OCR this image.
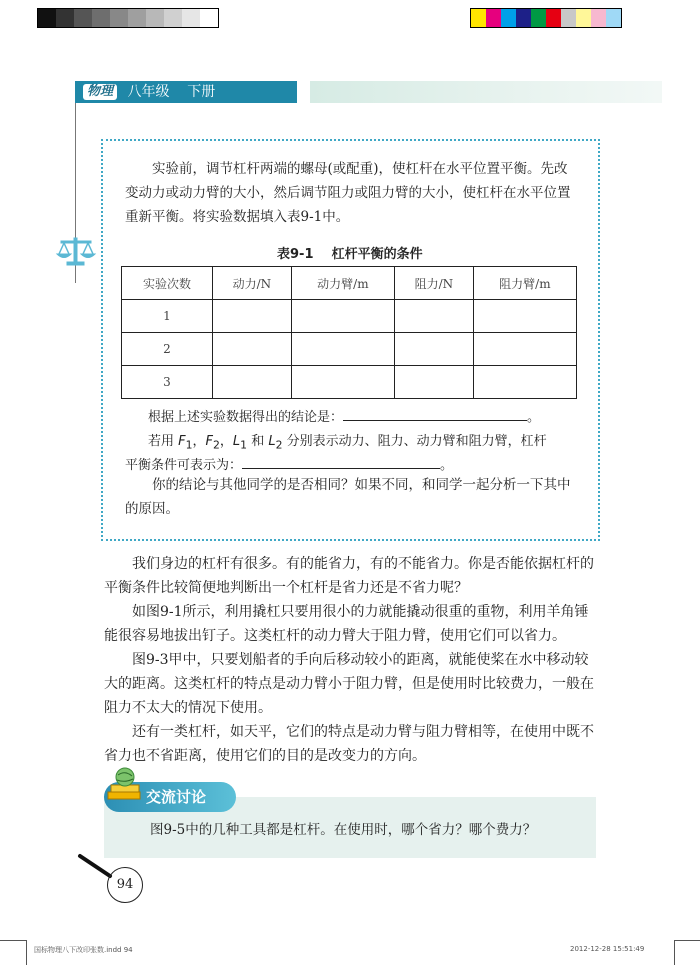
物理 八年级 下册
实验前，调节杠杆两端的螺母(或配重)，使杠杆在水平位置平衡。先改变动力或动力臂的大小，然后调节阻力或阻力臂的大小，使杠杆在水平位置重新平衡。将实验数据填入表9-1中。
表9-1    杠杆平衡的条件
实验次数	动力/N	动力臂/m	阻力/N	阻力臂/m
1				
2				
3				
根据上述实验数据得出的结论是：	。
若用 $F_1$，$F_2$，$L_1$ 和 $L_2$ 分别表示动力、阻力、动力臂和阻力臂，杠杆
平衡条件可表示为：	。
你的结论与其他同学的是否相同？如果不同，和同学一起分析一下其中的原因。

我们身边的杠杆有很多。有的能省力，有的不能省力。你是否能依据杠杆的平衡条件比较简便地判断出一个杠杆是省力还是不省力呢？

如图9-1所示，利用撬杠只要用很小的力就能撬动很重的重物，利用羊角锤能很容易地拔出钉子。这类杠杆的动力臂大于阻力臂，使用它们可以省力。

图9-3甲中，只要划船者的手向后移动较小的距离，就能使桨在水中移动较大的距离。这类杠杆的特点是动力臂小于阻力臂，但是使用时比较费力，一般在阻力不太大的情况下使用。

还有一类杠杆，如天平，它们的特点是动力臂与阻力臂相等，在使用中既不省力也不省距离，使用它们的目的是改变力的方向。

交流讨论
图9-5中的几种工具都是杠杆。在使用时，哪个省力？哪个费力？
94
国标物理八下改印张数.indd 94	2012-12-28 15:51:49
